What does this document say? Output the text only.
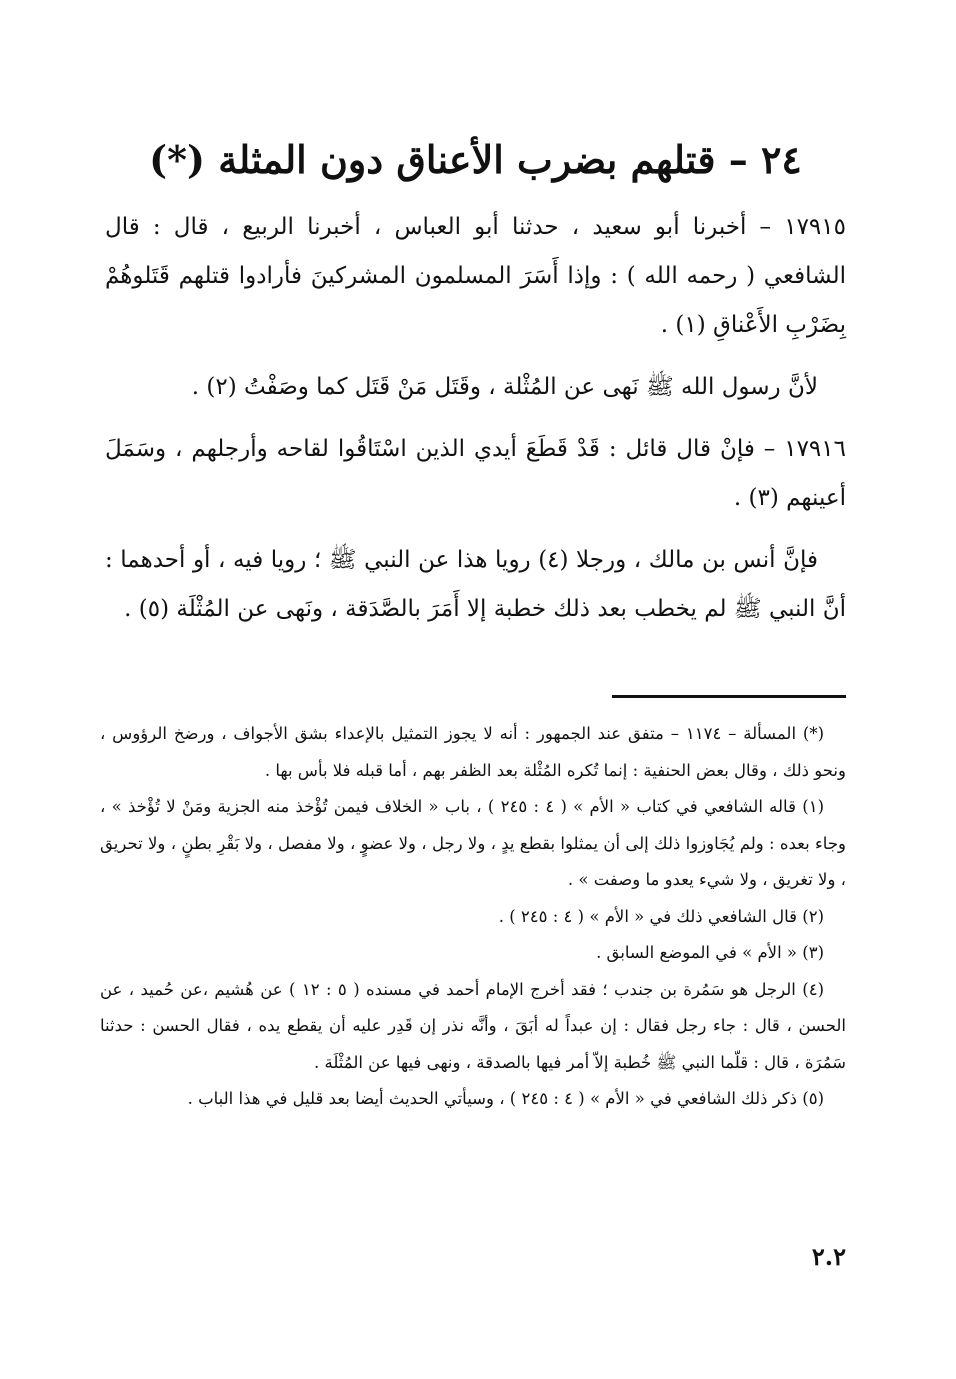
٢٤ – قتلهم بضرب الأعناق دون المثلة (*)

١٧٩١٥ – أخبرنا أبو سعيد ، حدثنا أبو العباس ، أخبرنا الربيع ، قال : قال الشافعي ( رحمه الله ) : وإذا أَسَرَ المسلمون المشركينَ فأرادوا قتلهم قَتَلوهُمْ بِضَرْبِ الأَعْناقِ (١) .

لأنَّ رسول الله ﷺ نَهى عن المُثْلة ، وقَتَل مَنْ قَتَل كما وصَفْتُ (٢) .

١٧٩١٦ – فإنْ قال قائل : قَدْ قَطَعَ أيدي الذين اسْتَاقُوا لقاحه وأرجلهم ، وسَمَلَ أعينهم (٣) .

فإنَّ أنس بن مالك ، ورجلا (٤) رويا هذا عن النبي ﷺ ؛ رويا فيه ، أو أحدهما : أنَّ النبي ﷺ لم يخطب بعد ذلك خطبة إلا أَمَرَ بالصَّدَقة ، ونَهى عن المُثْلَة (٥) .

(*) المسألة – ١١٧٤ – متفق عند الجمهور : أنه لا يجوز التمثيل بالإعداء بشق الأجواف ، ورضخ الرؤوس ، ونحو ذلك ، وقال بعض الحنفية : إنما تُكره المُثْلة بعد الظفر بهم ، أما قبله فلا بأس بها .

(١) قاله الشافعي في كتاب « الأم » ( ٤ : ٢٤٥ ) ، باب « الخلاف فيمن تُؤْخذ منه الجزية ومَنْ لا تُؤْخذ » ، وجاء بعده : ولم يُجَاوزوا ذلك إلى أن يمثلوا بقطع يدٍ ، ولا رجل ، ولا عضوٍ ، ولا مفصل ، ولا بَقْرِ بطنٍ ، ولا تحريق ، ولا تغريق ، ولا شيء يعدو ما وصفت » .

(٢) قال الشافعي ذلك في « الأم » ( ٤ : ٢٤٥ ) .

(٣) « الأم » في الموضع السابق .

(٤) الرجل هو سَمُرة بن جندب ؛ فقد أخرج الإمام أحمد في مسنده ( ٥ : ١٢ ) عن هُشيم ،عن حُميد ، عن الحسن ، قال : جاء رجل فقال : إن عبداً له أبَقَ ، وأنَّه نذر إن قَدِر عليه أن يقطع يده ، فقال الحسن : حدثنا سَمُرَة ، قال : قلّما النبي ﷺ خُطبة إلاّ أمر فيها بالصدقة ، ونهى فيها عن المُثْلَة .

(٥) ذكر ذلك الشافعي في « الأم » ( ٤ : ٢٤٥ ) ، وسيأتي الحديث أيضا بعد قليل في هذا الباب .

٢.٢
